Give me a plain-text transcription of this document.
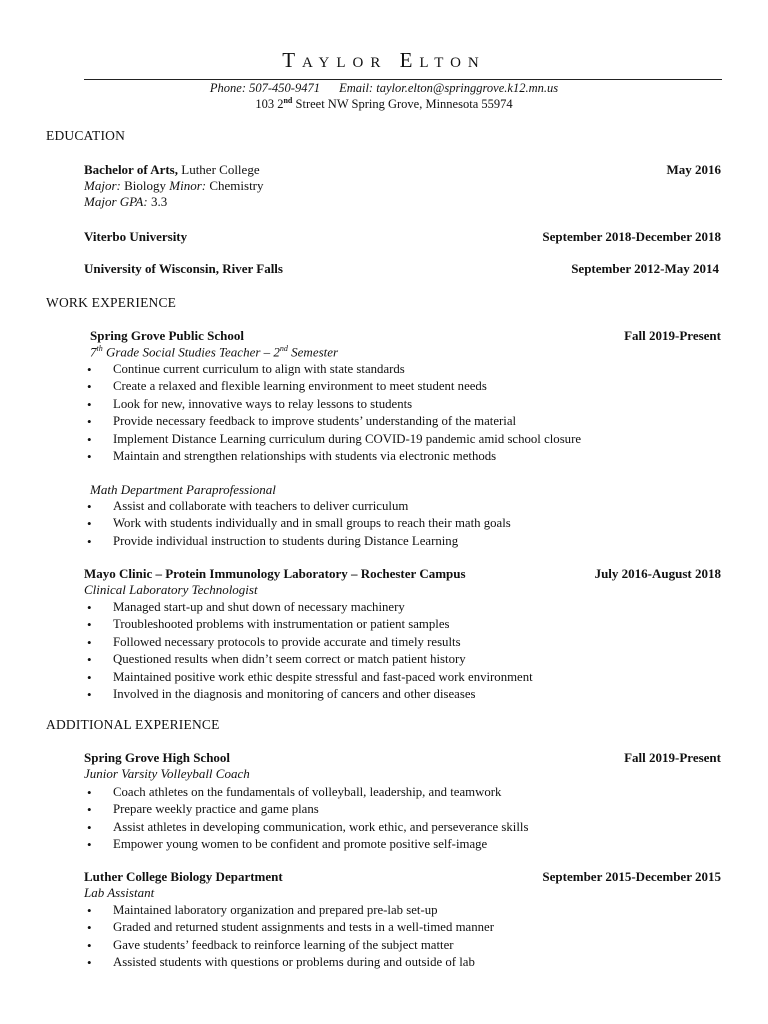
Taylor Elton
Phone: 507-450-9471 Email: taylor.elton@springgrove.k12.mn.us
103 2nd Street NW Spring Grove, Minnesota 55974
EDUCATION
Bachelor of Arts, Luther College	May 2016
Major: Biology Minor: Chemistry
Major GPA: 3.3
Viterbo University	September 2018-December 2018
University of Wisconsin, River Falls	September 2012-May 2014
WORK EXPERIENCE
Spring Grove Public School	Fall 2019-Present
7th Grade Social Studies Teacher – 2nd Semester
• Continue current curriculum to align with state standards
• Create a relaxed and flexible learning environment to meet student needs
• Look for new, innovative ways to relay lessons to students
• Provide necessary feedback to improve students’ understanding of the material
• Implement Distance Learning curriculum during COVID-19 pandemic amid school closure
• Maintain and strengthen relationships with students via electronic methods
Math Department Paraprofessional
• Assist and collaborate with teachers to deliver curriculum
• Work with students individually and in small groups to reach their math goals
• Provide individual instruction to students during Distance Learning
Mayo Clinic – Protein Immunology Laboratory – Rochester Campus	July 2016-August 2018
Clinical Laboratory Technologist
• Managed start-up and shut down of necessary machinery
• Troubleshooted problems with instrumentation or patient samples
• Followed necessary protocols to provide accurate and timely results
• Questioned results when didn’t seem correct or match patient history
• Maintained positive work ethic despite stressful and fast-paced work environment
• Involved in the diagnosis and monitoring of cancers and other diseases
ADDITIONAL EXPERIENCE
Spring Grove High School	Fall 2019-Present
Junior Varsity Volleyball Coach
• Coach athletes on the fundamentals of volleyball, leadership, and teamwork
• Prepare weekly practice and game plans
• Assist athletes in developing communication, work ethic, and perseverance skills
• Empower young women to be confident and promote positive self-image
Luther College Biology Department	September 2015-December 2015
Lab Assistant
• Maintained laboratory organization and prepared pre-lab set-up
• Graded and returned student assignments and tests in a well-timed manner
• Gave students’ feedback to reinforce learning of the subject matter
• Assisted students with questions or problems during and outside of lab
